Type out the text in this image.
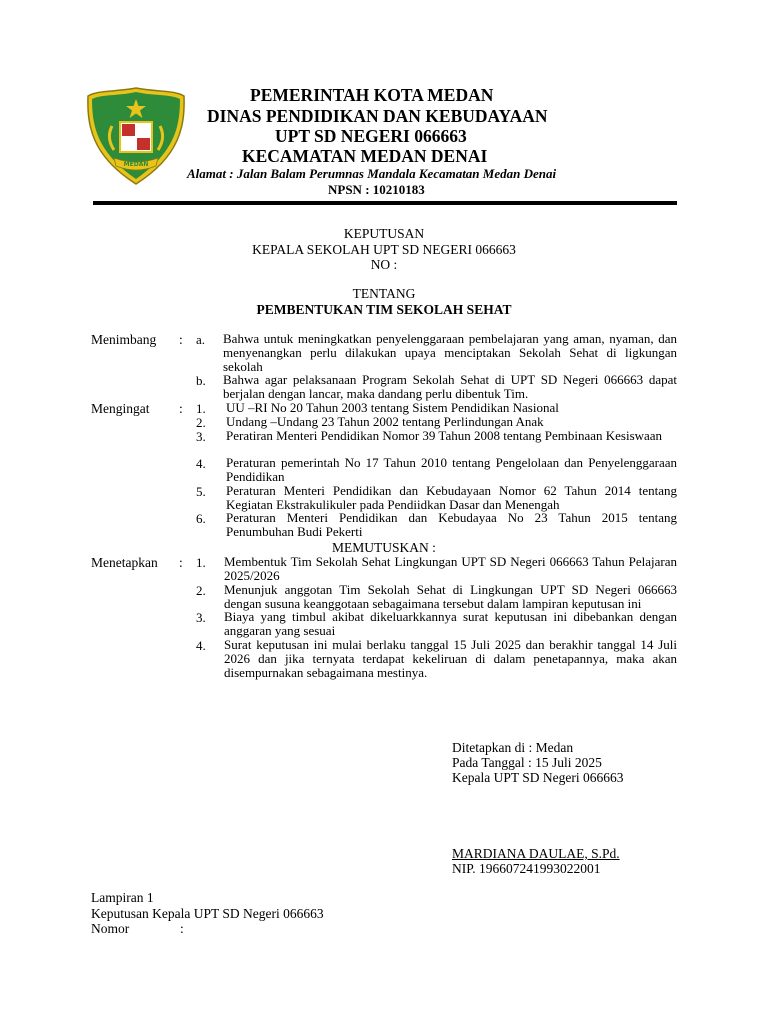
MEDAN
PEMERINTAH KOTA MEDAN
DINAS PENDIDIKAN DAN KEBUDAYAAN
UPT SD NEGERI 066663
KECAMATAN MEDAN DENAI
Alamat : Jalan Balam Perumnas Mandala Kecamatan Medan Denai
NPSN : 10210183
KEPUTUSAN
KEPALA SEKOLAH UPT SD NEGERI 066663
NO :
TENTANG
PEMBENTUKAN TIM SEKOLAH SEHAT
Menimbang : a. Bahwa untuk meningkatkan penyelenggaraan pembelajaran yang aman, nyaman, dan menyenangkan perlu dilakukan upaya menciptakan Sekolah Sehat di ligkungan sekolah
b. Bahwa agar pelaksanaan Program Sekolah Sehat di UPT SD Negeri 066663 dapat berjalan dengan lancar, maka dandang perlu dibentuk Tim.
Mengingat : 1. UU –RI No 20 Tahun 2003 tentang Sistem Pendidikan Nasional
2. Undang –Undang 23 Tahun 2002 tentang Perlindungan Anak
3. Peratiran Menteri Pendidikan Nomor 39 Tahun 2008 tentang Pembinaan Kesiswaan
4. Peraturan pemerintah No 17 Tahun 2010 tentang Pengelolaan dan Penyelenggaraan Pendidikan
5. Peraturan Menteri Pendidikan dan Kebudayaan Nomor 62 Tahun 2014 tentang Kegiatan Ekstrakulikuler pada Pendiidkan Dasar dan Menengah
6. Peraturan Menteri Pendidikan dan Kebudayaa No 23 Tahun 2015 tentang Penumbuhan Budi Pekerti
MEMUTUSKAN :
Menetapkan : 1. Membentuk Tim Sekolah Sehat Lingkungan UPT SD Negeri 066663 Tahun Pelajaran 2025/2026
2. Menunjuk anggotan Tim Sekolah Sehat di Lingkungan UPT SD Negeri 066663 dengan susuna keanggotaan sebagaimana tersebut dalam lampiran keputusan ini
3. Biaya yang timbul akibat dikeluarkkannya surat keputusan ini dibebankan dengan anggaran yang sesuai
4. Surat keputusan ini mulai berlaku tanggal 15 Juli 2025 dan berakhir tanggal 14 Juli 2026 dan jika ternyata terdapat kekeliruan di dalam penetapannya, maka akan disempurnakan sebagaimana mestinya.
Ditetapkan di : Medan
Pada Tanggal : 15 Juli 2025
Kepala UPT SD Negeri 066663
MARDIANA DAULAE, S.Pd.
NIP. 196607241993022001
Lampiran 1
Keputusan Kepala UPT SD Negeri 066663
Nomor	:
